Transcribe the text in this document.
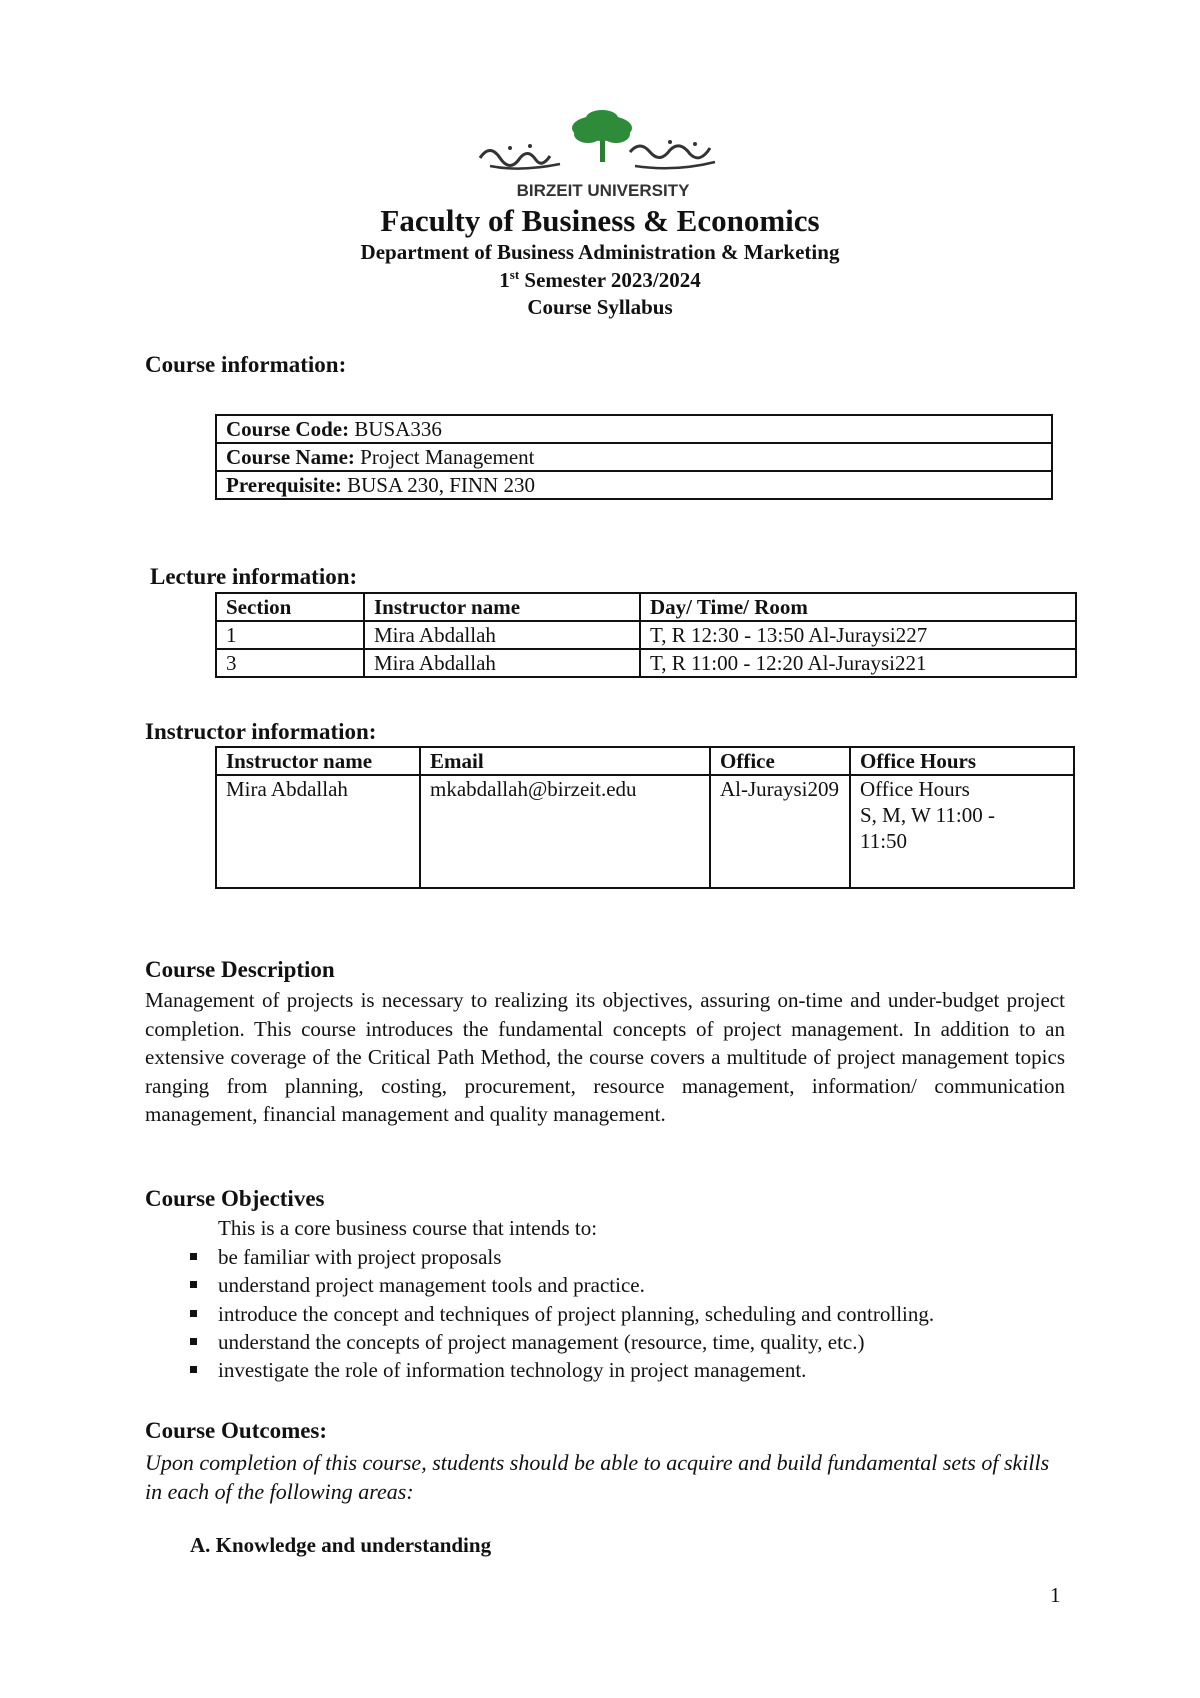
BIRZEIT UNIVERSITY
Faculty of Business & Economics
Department of Business Administration & Marketing
1st Semester 2023/2024
Course Syllabus
Course information:
Course Code: BUSA336
Course Name: Project Management
Prerequisite: BUSA 230, FINN 230
Lecture information:
Section	Instructor name	Day/ Time/ Room
1	Mira Abdallah	T, R 12:30 - 13:50 Al-Juraysi227
3	Mira Abdallah	T, R 11:00 - 12:20 Al-Juraysi221
Instructor information:
Instructor name	Email	Office	Office Hours
Mira Abdallah	mkabdallah@birzeit.edu	Al-Juraysi209	Office Hours
S, M, W 11:00 -
11:50
Course Description
Management of projects is necessary to realizing its objectives, assuring on-time and under-budget project completion. This course introduces the fundamental concepts of project management. In addition to an extensive coverage of the Critical Path Method, the course covers a multitude of project management topics ranging from planning, costing, procurement, resource management, information/ communication management, financial management and quality management.
Course Objectives
This is a core business course that intends to:
be familiar with project proposals
understand project management tools and practice.
introduce the concept and techniques of project planning, scheduling and controlling.
understand the concepts of project management (resource, time, quality, etc.)
investigate the role of information technology in project management.
Course Outcomes:
Upon completion of this course, students should be able to acquire and build fundamental sets of skills in each of the following areas:
A. Knowledge and understanding
1
